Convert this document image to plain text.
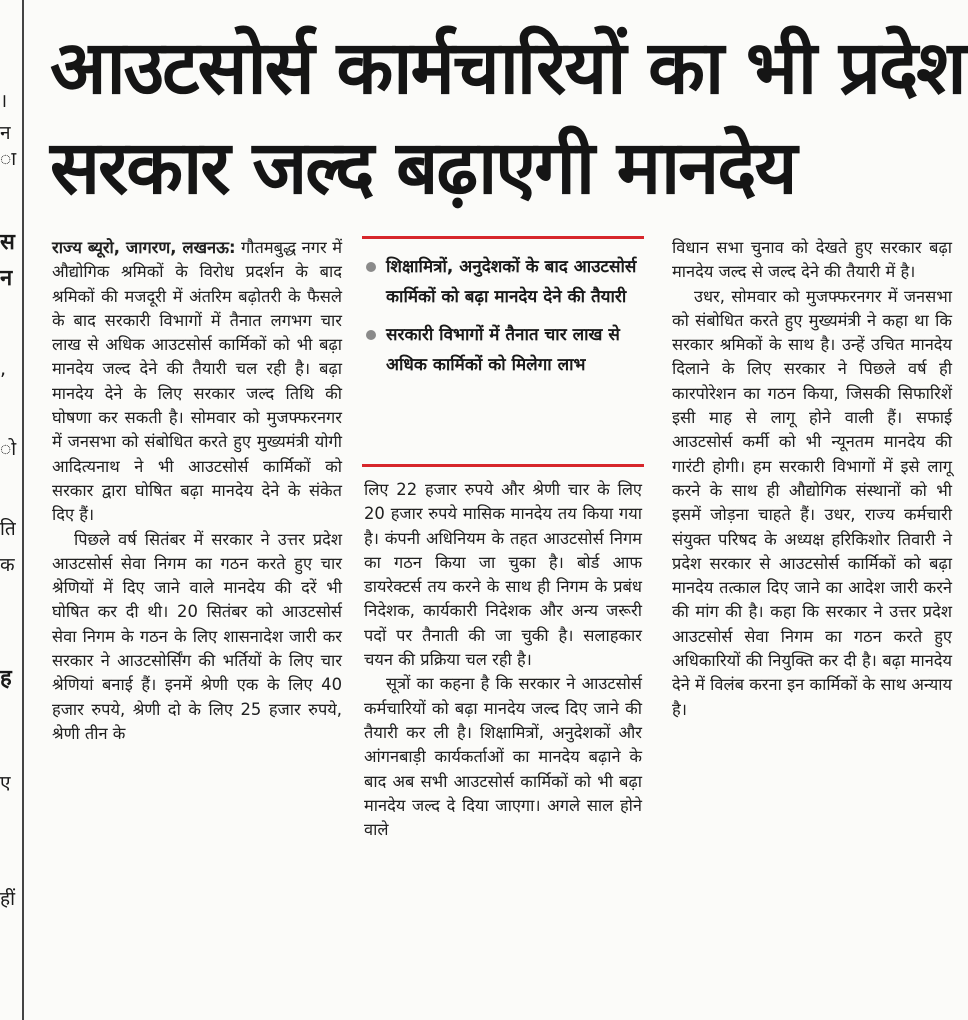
।
न
ा
स
न
,
ो
ति
क
ह
ए
हीं
आउटसोर्स कार्मचारियों का भी प्रदेश
सरकार जल्द बढ़ाएगी मानदेय

राज्य ब्यूरो, जागरण, लखनऊ: गौतमबुद्ध नगर में औद्योगिक श्रमिकों के विरोध प्रदर्शन के बाद श्रमिकों की मजदूरी में अंतरिम बढ़ोतरी के फैसले के बाद सरकारी विभागों में तैनात लगभग चार लाख से अधिक आउटसोर्स कार्मिकों को भी बढ़ा मानदेय जल्द देने की तैयारी चल रही है। बढ़ा मानदेय देने के लिए सरकार जल्द तिथि की घोषणा कर सकती है। सोमवार को मुजफ्फरनगर में जनसभा को संबोधित करते हुए मुख्यमंत्री योगी आदित्यनाथ ने भी आउटसोर्स कार्मिकों को सरकार द्वारा घोषित बढ़ा मानदेय देने के संकेत दिए हैं।

पिछले वर्ष सितंबर में सरकार ने उत्तर प्रदेश आउटसोर्स सेवा निगम का गठन करते हुए चार श्रेणियों में दिए जाने वाले मानदेय की दरें भी घोषित कर दी थी। 20 सितंबर को आउटसोर्स सेवा निगम के गठन के लिए शासनादेश जारी कर सरकार ने आउटसोर्सिंग की भर्तियों के लिए चार श्रेणियां बनाई हैं। इनमें श्रेणी एक के लिए 40 हजार रुपये, श्रेणी दो के लिए 25 हजार रुपये, श्रेणी तीन के

शिक्षामित्रों, अनुदेशकों के बाद आउटसोर्स कार्मिकों को बढ़ा मानदेय देने की तैयारी
सरकारी विभागों में तैनात चार लाख से अधिक कार्मिकों को मिलेगा लाभ

लिए 22 हजार रुपये और श्रेणी चार के लिए 20 हजार रुपये मासिक मानदेय तय किया गया है। कंपनी अधिनियम के तहत आउटसोर्स निगम का गठन किया जा चुका है। बोर्ड आफ डायरेक्टर्स तय करने के साथ ही निगम के प्रबंध निदेशक, कार्यकारी निदेशक और अन्य जरूरी पदों पर तैनाती की जा चुकी है। सलाहकार चयन की प्रक्रिया चल रही है।

सूत्रों का कहना है कि सरकार ने आउटसोर्स कर्मचारियों को बढ़ा मानदेय जल्द दिए जाने की तैयारी कर ली है। शिक्षामित्रों, अनुदेशकों और आंगनबाड़ी कार्यकर्ताओं का मानदेय बढ़ाने के बाद अब सभी आउटसोर्स कार्मिकों को भी बढ़ा मानदेय जल्द दे दिया जाएगा। अगले साल होने वाले

विधान सभा चुनाव को देखते हुए सरकार बढ़ा मानदेय जल्द से जल्द देने की तैयारी में है।

उधर, सोमवार को मुजफ्फरनगर में जनसभा को संबोधित करते हुए मुख्यमंत्री ने कहा था कि सरकार श्रमिकों के साथ है। उन्हें उचित मानदेय दिलाने के लिए सरकार ने पिछले वर्ष ही कारपोरेशन का गठन किया, जिसकी सिफारिशें इसी माह से लागू होने वाली हैं। सफाई आउटसोर्स कर्मी को भी न्यूनतम मानदेय की गारंटी होगी। हम सरकारी विभागों में इसे लागू करने के साथ ही औद्योगिक संस्थानों को भी इसमें जोड़ना चाहते हैं। उधर, राज्य कर्मचारी संयुक्त परिषद के अध्यक्ष हरिकिशोर तिवारी ने प्रदेश सरकार से आउटसोर्स कार्मिकों को बढ़ा मानदेय तत्काल दिए जाने का आदेश जारी करने की मांग की है। कहा कि सरकार ने उत्तर प्रदेश आउटसोर्स सेवा निगम का गठन करते हुए अधिकारियों की नियुक्ति कर दी है। बढ़ा मानदेय देने में विलंब करना इन कार्मिकों के साथ अन्याय है।
